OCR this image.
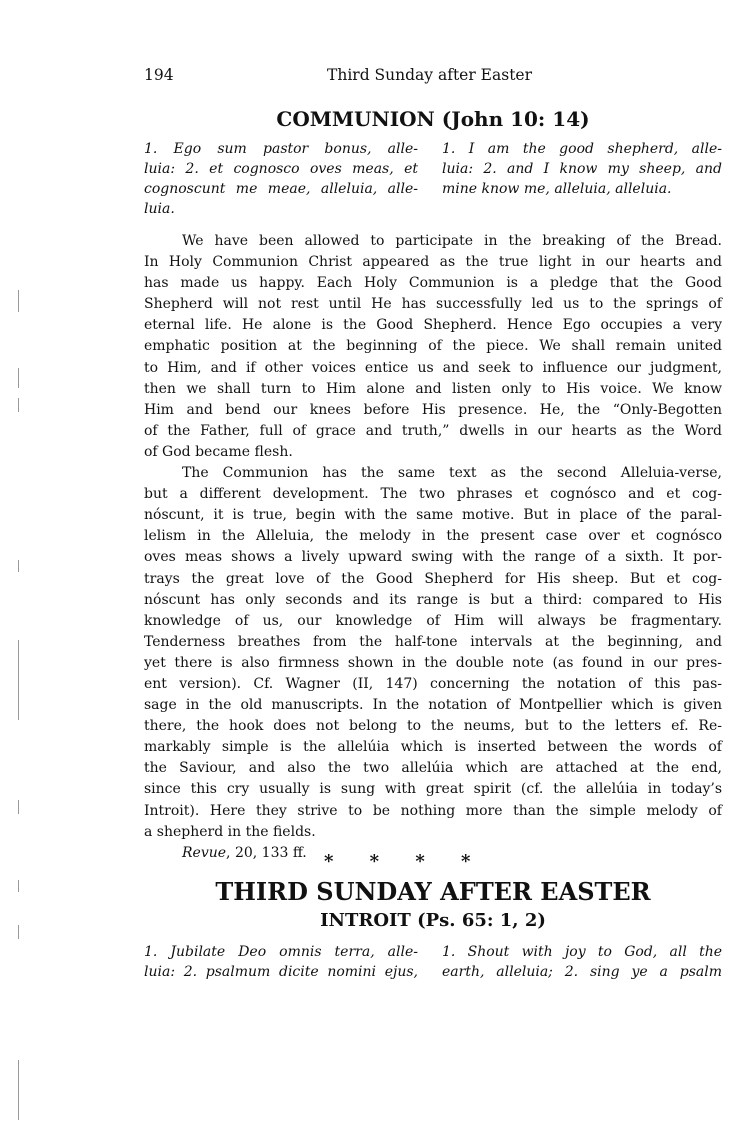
194	Third Sunday after Easter
COMMUNION (John 10: 14)
1. Ego sum pastor bonus, alle-
luia: 2. et cognosco oves meas, et
cognoscunt me meae, alleluia, alle-
luia.
1. I am the good shepherd, alle-
luia: 2. and I know my sheep, and
mine know me, alleluia, alleluia.
We have been allowed to participate in the breaking of the Bread.
In Holy Communion Christ appeared as the true light in our hearts and
has made us happy. Each Holy Communion is a pledge that the Good
Shepherd will not rest until He has successfully led us to the springs of
eternal life. He alone is the Good Shepherd. Hence Ego occupies a very
emphatic position at the beginning of the piece. We shall remain united
to Him, and if other voices entice us and seek to influence our judgment,
then we shall turn to Him alone and listen only to His voice. We know
Him and bend our knees before His presence. He, the “Only-Begotten
of the Father, full of grace and truth,” dwells in our hearts as the Word
of God became flesh.
The Communion has the same text as the second Alleluia-verse,
but a different development. The two phrases et cognósco and et cog-
nóscunt, it is true, begin with the same motive. But in place of the paral-
lelism in the Alleluia, the melody in the present case over et cognósco
oves meas shows a lively upward swing with the range of a sixth. It por-
trays the great love of the Good Shepherd for His sheep. But et cog-
nóscunt has only seconds and its range is but a third: compared to His
knowledge of us, our knowledge of Him will always be fragmentary.
Tenderness breathes from the half-tone intervals at the beginning, and
yet there is also firmness shown in the double note (as found in our pres-
ent version). Cf. Wagner (II, 147) concerning the notation of this pas-
sage in the old manuscripts. In the notation of Montpellier which is given
there, the hook does not belong to the neums, but to the letters ef. Re-
markably simple is the allelúia which is inserted between the words of
the Saviour, and also the two allelúia which are attached at the end,
since this cry usually is sung with great spirit (cf. the allelúia in today’s
Introit). Here they strive to be nothing more than the simple melody of
a shepherd in the fields.
Revue, 20, 133 ff. * * * *
THIRD SUNDAY AFTER EASTER
INTROIT (Ps. 65: 1, 2)
1. Jubilate Deo omnis terra, alle-
luia: 2. psalmum dicite nomini ejus,
1. Shout with joy to God, all the
earth, alleluia; 2. sing ye a psalm
